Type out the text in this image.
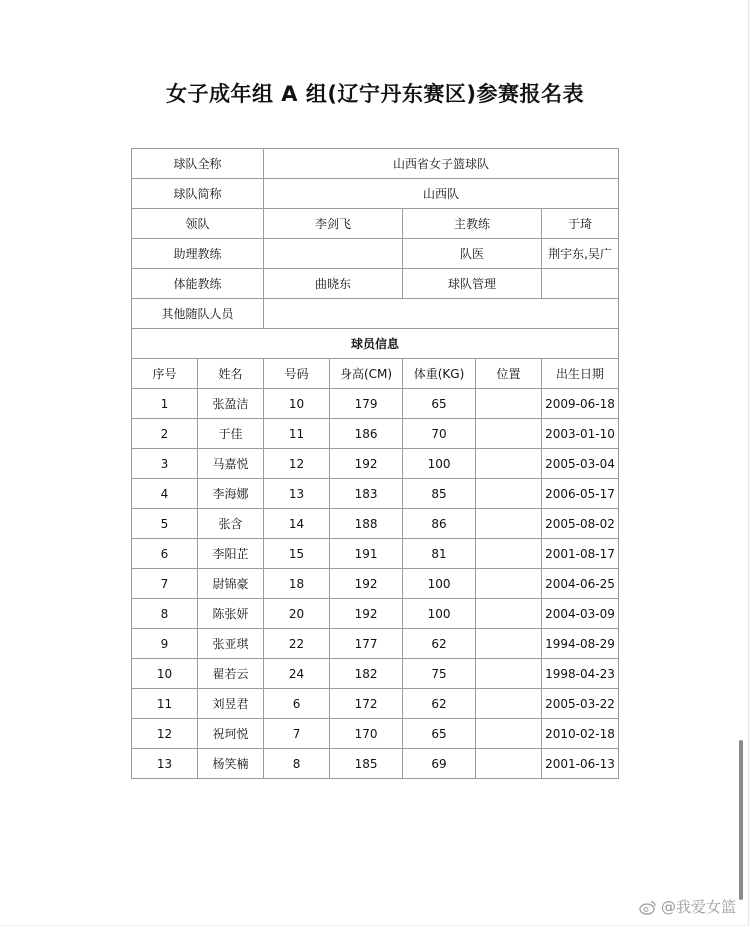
女子成年组 A 组(辽宁丹东赛区)参赛报名表
球队全称		山西省女子篮球队				
球队简称		山西队				
领队		李剑飞		主教练		于琦
助理教练				队医		荆宇东,吴广
体能教练		曲晓东		球队管理		
其他随队人员						
球员信息						
序号	姓名	号码	身高(CM)	体重(KG)	位置	出生日期
1	张盈洁	10	179	65		2009-06-18
2	于佳	11	186	70		2003-01-10
3	马嘉悦	12	192	100		2005-03-04
4	李海娜	13	183	85		2006-05-17
5	张含	14	188	86		2005-08-02
6	李阳芷	15	191	81		2001-08-17
7	尉锦豪	18	192	100		2004-06-25
8	陈张妍	20	192	100		2004-03-09
9	张亚琪	22	177	62		1994-08-29
10	翟若云	24	182	75		1998-04-23
11	刘昱君	6	172	62		2005-03-22
12	祝珂悦	7	170	65		2010-02-18
13	杨笑楠	8	185	69		2001-06-13
@我爱女篮
